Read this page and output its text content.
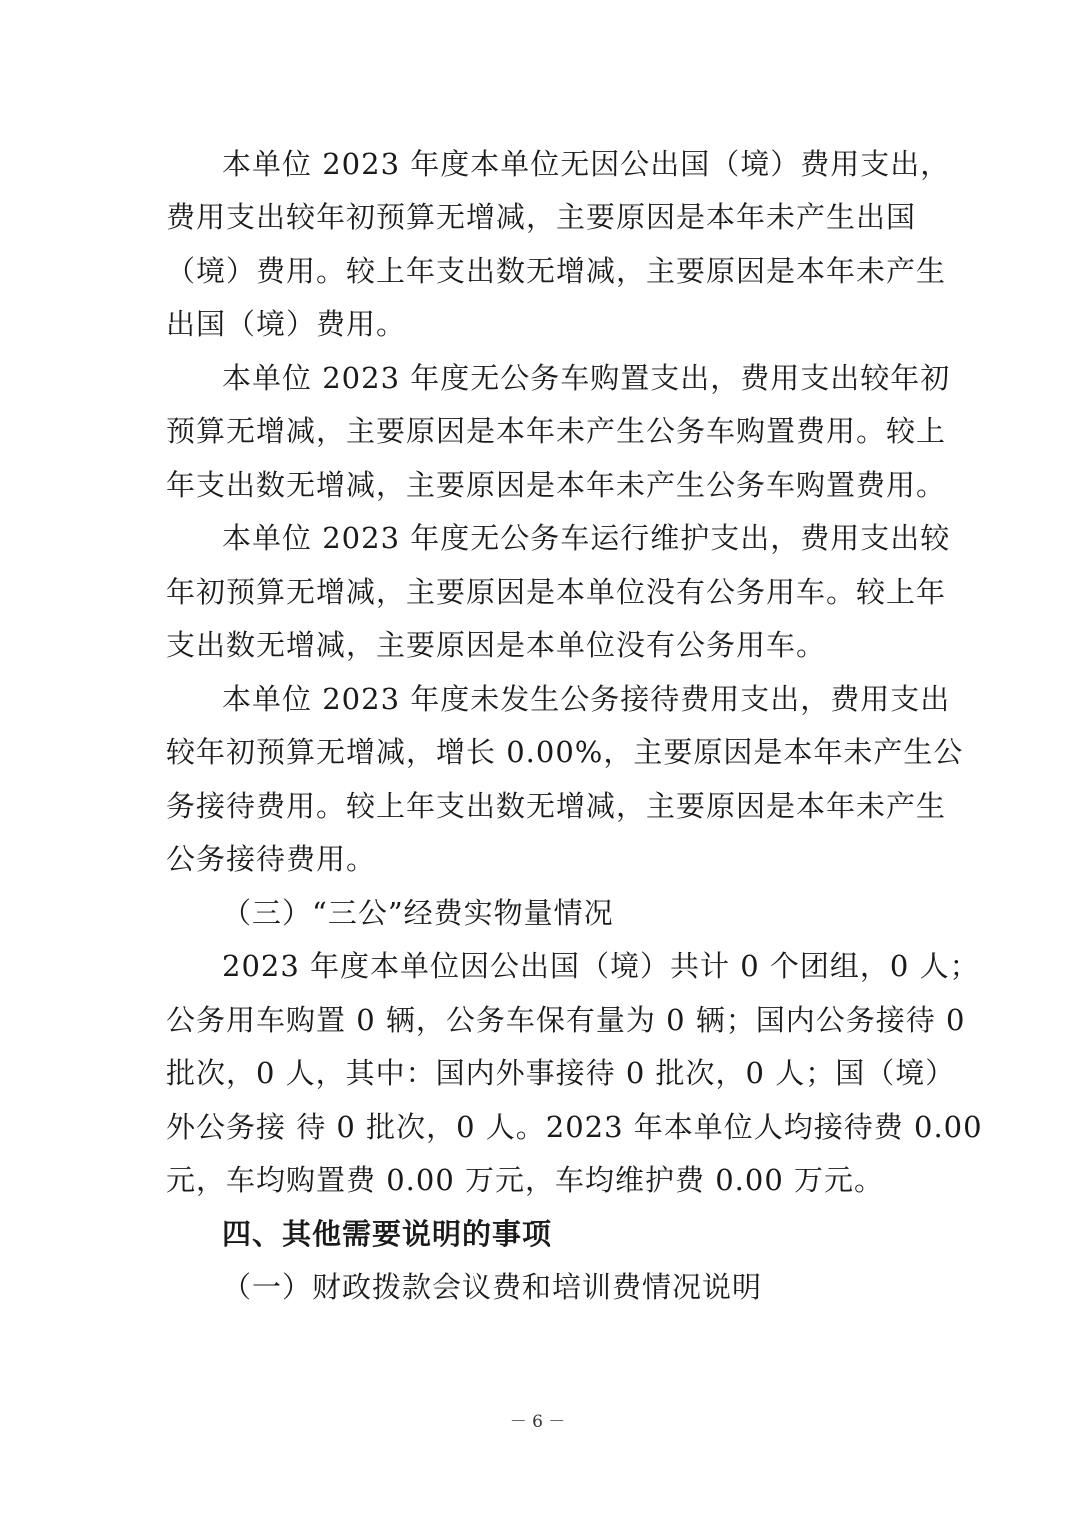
本单位 2023 年度本单位无因公出国（境）费用支出，
费用支出较年初预算无增减，主要原因是本年未产生出国
（境）费用。较上年支出数无增减，主要原因是本年未产生
出国（境）费用。
本单位 2023 年度无公务车购置支出，费用支出较年初
预算无增减，主要原因是本年未产生公务车购置费用。较上
年支出数无增减，主要原因是本年未产生公务车购置费用。
本单位 2023 年度无公务车运行维护支出，费用支出较
年初预算无增减，主要原因是本单位没有公务用车。较上年
支出数无增减，主要原因是本单位没有公务用车。
本单位 2023 年度未发生公务接待费用支出，费用支出
较年初预算无增减，增长 0.00%，主要原因是本年未产生公
务接待费用。较上年支出数无增减，主要原因是本年未产生
公务接待费用。
（三）“三公”经费实物量情况
2023 年度本单位因公出国（境）共计 0 个团组，0 人；
公务用车购置 0 辆，公务车保有量为 0 辆；国内公务接待 0
批次，0 人，其中：国内外事接待 0 批次，0 人；国（境）
外公务接 待 0 批次，0 人。2023 年本单位人均接待费 0.00
元，车均购置费 0.00 万元，车均维护费 0.00 万元。
四、其他需要说明的事项
（一）财政拨款会议费和培训费情况说明
－ 6 －
